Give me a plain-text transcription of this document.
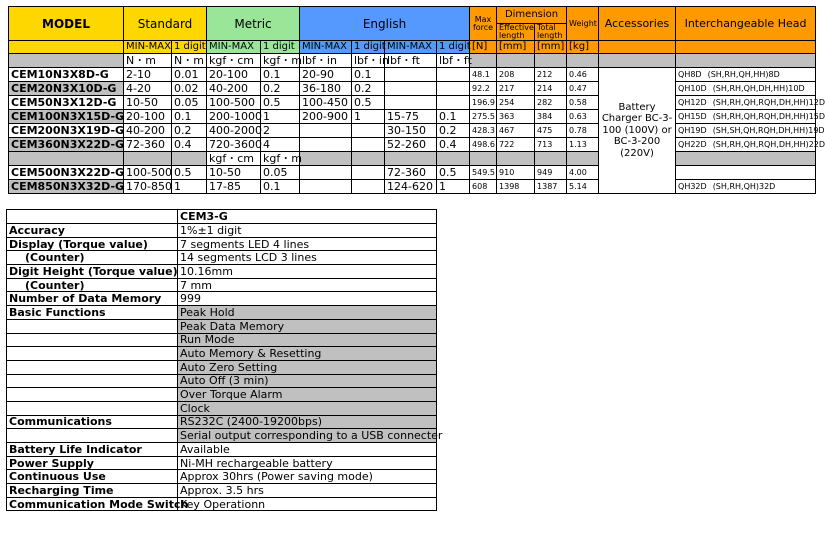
MODEL	Standard		Metric		English				Max force	Dimension		Weight	Accessories	Interchangeable Head
										Effective length	Total length			
	MIN-MAX	1 digit	MIN-MAX	1 digit	MIN-MAX	1 digit	MIN-MAX	1 digit	[N]	[mm]	[mm]	[kg]		
	N・m	N・m	kgf・cm	kgf・m	lbf・in	lbf・in	lbf・ft	lbf・ft						
CEM10N3X8D-G	2-10	0.01	20-100	0.1	20-90	0.1			48.1	208	212	0.46	Battery Charger BC-3-100 (100V) or BC-3-200 (220V)	QH8D (SH,RH,QH,HH)8D
CEM20N3X10D-G	4-20	0.02	40-200	0.2	36-180	0.2			92.2	217	214	0.47		QH10D (SH,RH,QH,DH,HH)10D
CEM50N3X12D-G	10-50	0.05	100-500	0.5	100-450	0.5			196.9	254	282	0.58		QH12D (SH,RH,QH,RQH,DH,HH)12D
CEM100N3X15D-G	20-100	0.1	200-1000	1	200-900	1	15-75	0.1	275.5	363	384	0.63		QH15D (SH,RH,QH,RQH,DH,HH)15D
CEM200N3X19D-G	40-200	0.2	400-2000	2			30-150	0.2	428.3	467	475	0.78		QH19D (SH,SH,QH,RQH,DH,HH)19D
CEM360N3X22D-G	72-360	0.4	720-3600	4			52-260	0.4	498.6	722	713	1.13		QH22D (SH,RH,QH,RQH,DH,HH)22D
			kgf・cm	kgf・m										
CEM500N3X22D-G	100-500	0.5	10-50	0.05			72-360	0.5	549.5	910	949	4.00		
CEM850N3X32D-G	170-850	1	17-85	0.1			124-620	1	608	1398	1387	5.14		QH32D (SH,RH,QH)32D
	CEM3-G
Accuracy	1%±1 digit
Display (Torque value)	7 segments LED 4 lines
(Counter)	14 segments LCD 3 lines
Digit Height (Torque value)	10.16mm
(Counter)	7 mm
Number of Data Memory	999
Basic Functions	Peak Hold
	Peak Data Memory
	Run Mode
	Auto Memory & Resetting
	Auto Zero Setting
	Auto Off (3 min)
	Over Torque Alarm
	Clock
Communications	RS232C (2400-19200bps)
	Serial output corresponding to a USB connecter
Battery Life Indicator	Available
Power Supply	Ni-MH rechargeable battery
Continuous Use	Approx 30hrs (Power saving mode)
Recharging Time	Approx. 3.5 hrs
Communication Mode Switch	Key Operationn
